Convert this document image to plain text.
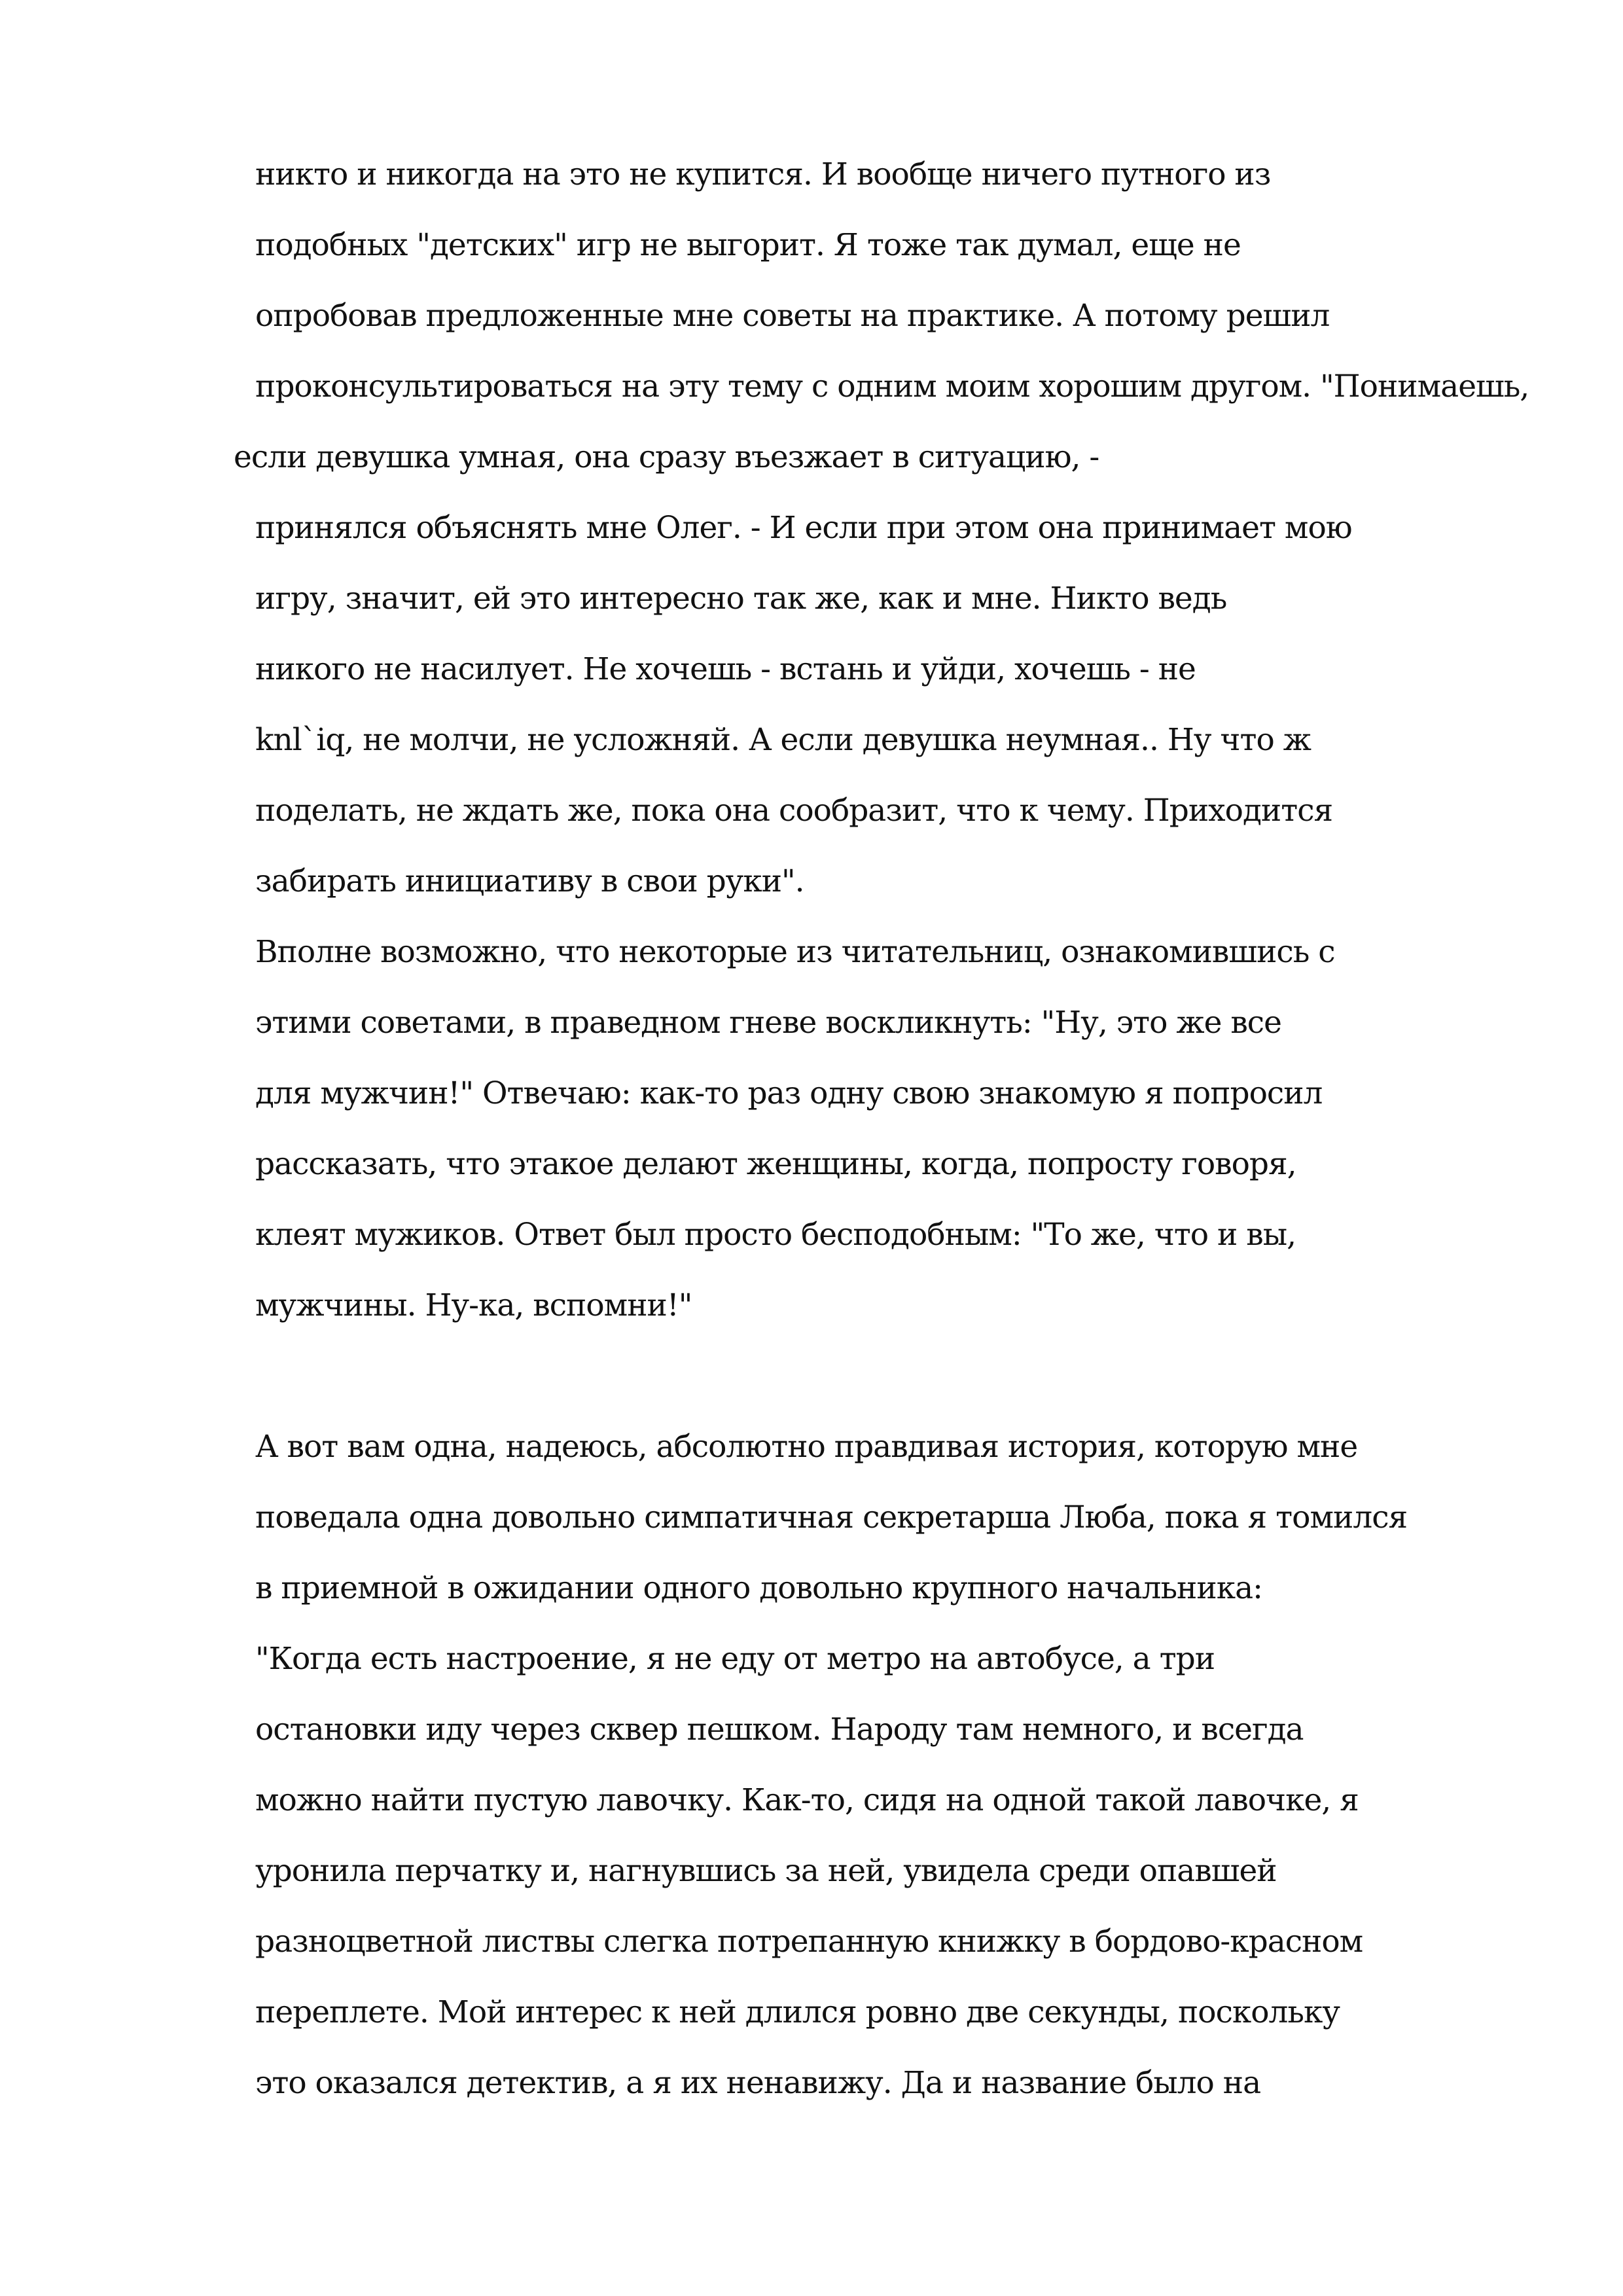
никто и никогда на это не купится. И вообще ничего путного из
подобных "детских" игр не выгорит. Я тоже так думал, еще не
опробовав предложенные мне советы на практике. А потому решил
проконсультироваться на эту тему с одним моим хорошим другом. "Понимаешь,
если девушка умная, она сразу въезжает в ситуацию, -
принялся объяснять мне Олег. - И если при этом она принимает мою
игру, значит, ей это интересно так же, как и мне. Никто ведь
никого не насилует. Не хочешь - встань и уйди, хочешь - не
knl`iq, не молчи, не усложняй. А если девушка неумная.. Ну что ж
поделать, не ждать же, пока она сообразит, что к чему. Приходится
забирать инициативу в свои руки".
Вполне возможно, что некоторые из читательниц, ознакомившись с
этими советами, в праведном гневе воскликнуть: "Ну, это же все
для мужчин!" Отвечаю: как-то раз одну свою знакомую я попросил
рассказать, что этакое делают женщины, когда, попросту говоря,
клеят мужиков. Ответ был просто бесподобным: "То же, что и вы,
мужчины. Ну-ка, вспомни!"
А вот вам одна, надеюсь, абсолютно правдивая история, которую мне
поведала одна довольно симпатичная секретарша Люба, пока я томился
в приемной в ожидании одного довольно крупного начальника:
"Когда есть настроение, я не еду от метро на автобусе, а три
остановки иду через сквер пешком. Народу там немного, и всегда
можно найти пустую лавочку. Как-то, сидя на одной такой лавочке, я
уронила перчатку и, нагнувшись за ней, увидела среди опавшей
разноцветной листвы слегка потрепанную книжку в бордово-красном
переплете. Мой интерес к ней длился ровно две секунды, поскольку
это оказался детектив, а я их ненавижу. Да и название было на
